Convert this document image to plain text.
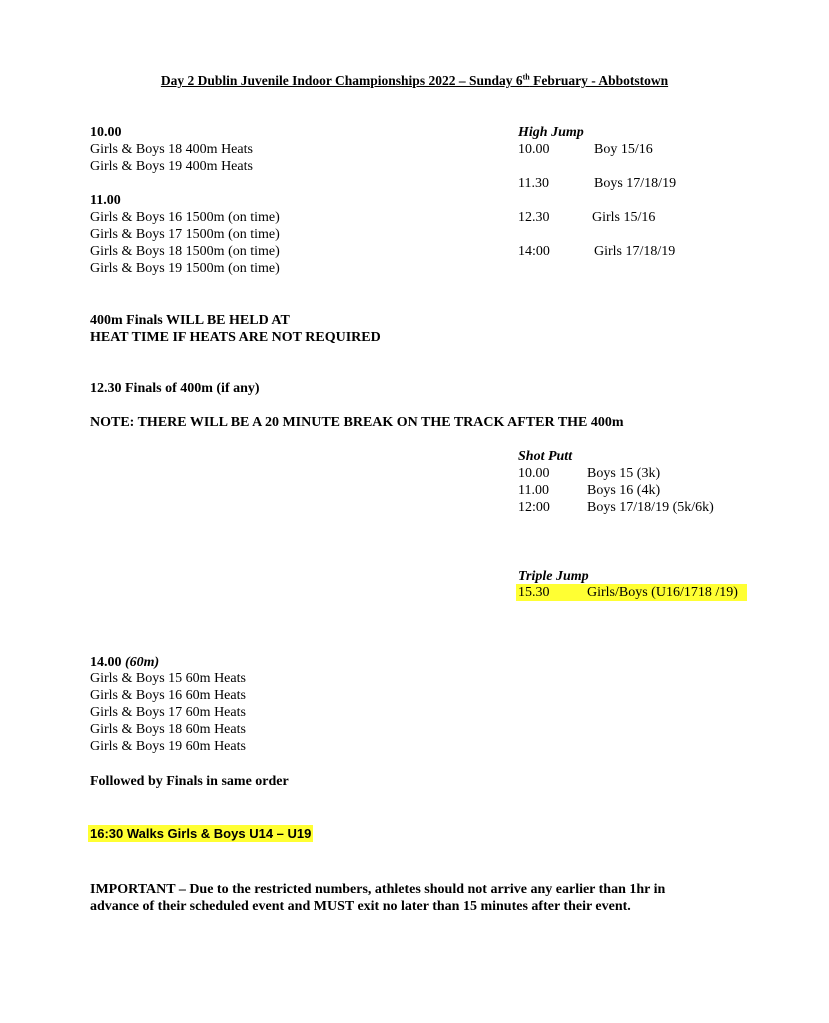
Day 2 Dublin Juvenile Indoor Championships 2022 – Sunday 6th February - Abbotstown
10.00
Girls & Boys 18 400m Heats
Girls & Boys 19 400m Heats
11.00
Girls & Boys 16 1500m (on time)
Girls & Boys 17 1500m (on time)
Girls & Boys 18 1500m (on time)
Girls & Boys 19 1500m (on time)
400m Finals WILL BE HELD AT
HEAT TIME IF HEATS ARE NOT REQUIRED
12.30 Finals of 400m (if any)
NOTE: THERE WILL BE A 20 MINUTE BREAK ON THE TRACK AFTER THE 400m
14.00 (60m)
Girls & Boys 15 60m Heats
Girls & Boys 16 60m Heats
Girls & Boys 17 60m Heats
Girls & Boys 18 60m Heats
Girls & Boys 19 60m Heats
Followed by Finals in same order
16:30 Walks Girls & Boys U14 – U19
IMPORTANT – Due to the restricted numbers, athletes should not arrive any earlier than 1hr in
advance of their scheduled event and MUST exit no later than 15 minutes after their event.
High Jump
10.00	Boy 15/16
11.30	Boys 17/18/19
12.30	Girls 15/16
14:00	Girls 17/18/19
Shot Putt
10.00	Boys 15 (3k)
11.00	Boys 16 (4k)
12:00	Boys 17/18/19 (5k/6k)
Triple Jump
15.30	Girls/Boys (U16/1718 /19)
